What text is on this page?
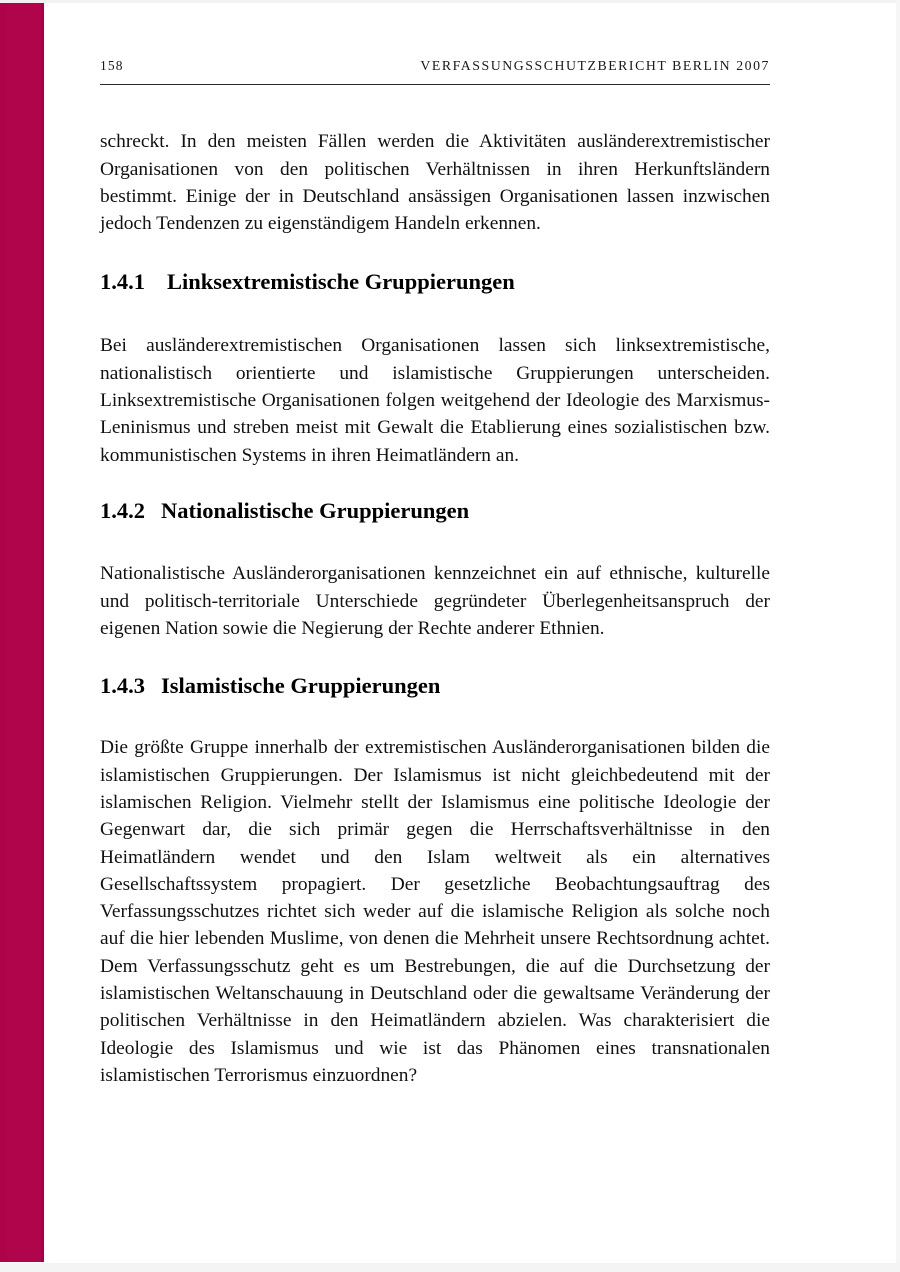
158	VERFASSUNGSSCHUTZBERICHT BERLIN 2007

schreckt. In den meisten Fällen werden die Aktivitäten ausländerextremistischer Organisationen von den politischen Verhältnissen in ihren Herkunftsländern bestimmt. Einige der in Deutschland ansässigen Organisationen lassen inzwischen jedoch Tendenzen zu eigenständigem Handeln erkennen.

1.4.1 Linksextremistische Gruppierungen

Bei ausländerextremistischen Organisationen lassen sich linksextremistische, nationalistisch orientierte und islamistische Gruppierungen unterscheiden. Linksextremistische Organisationen folgen weitgehend der Ideologie des Marxismus-Leninismus und streben meist mit Gewalt die Etablierung eines sozialistischen bzw. kommunistischen Systems in ihren Heimatländern an.

1.4.2 Nationalistische Gruppierungen

Nationalistische Ausländerorganisationen kennzeichnet ein auf ethnische, kulturelle und politisch-territoriale Unterschiede gegründeter Überlegenheitsanspruch der eigenen Nation sowie die Negierung der Rechte anderer Ethnien.

1.4.3 Islamistische Gruppierungen

Die größte Gruppe innerhalb der extremistischen Ausländerorganisationen bilden die islamistischen Gruppierungen. Der Islamismus ist nicht gleichbedeutend mit der islamischen Religion. Vielmehr stellt der Islamismus eine politische Ideologie der Gegenwart dar, die sich primär gegen die Herrschaftsverhältnisse in den Heimatländern wendet und den Islam weltweit als ein alternatives Gesellschaftssystem propagiert. Der gesetzliche Beobachtungsauftrag des Verfassungsschutzes richtet sich weder auf die islamische Religion als solche noch auf die hier lebenden Muslime, von denen die Mehrheit unsere Rechtsordnung achtet. Dem Verfassungsschutz geht es um Bestrebungen, die auf die Durchsetzung der islamistischen Weltanschauung in Deutschland oder die gewaltsame Veränderung der politischen Verhältnisse in den Heimatländern abzielen. Was charakterisiert die Ideologie des Islamismus und wie ist das Phänomen eines transnationalen islamistischen Terrorismus einzuordnen?
